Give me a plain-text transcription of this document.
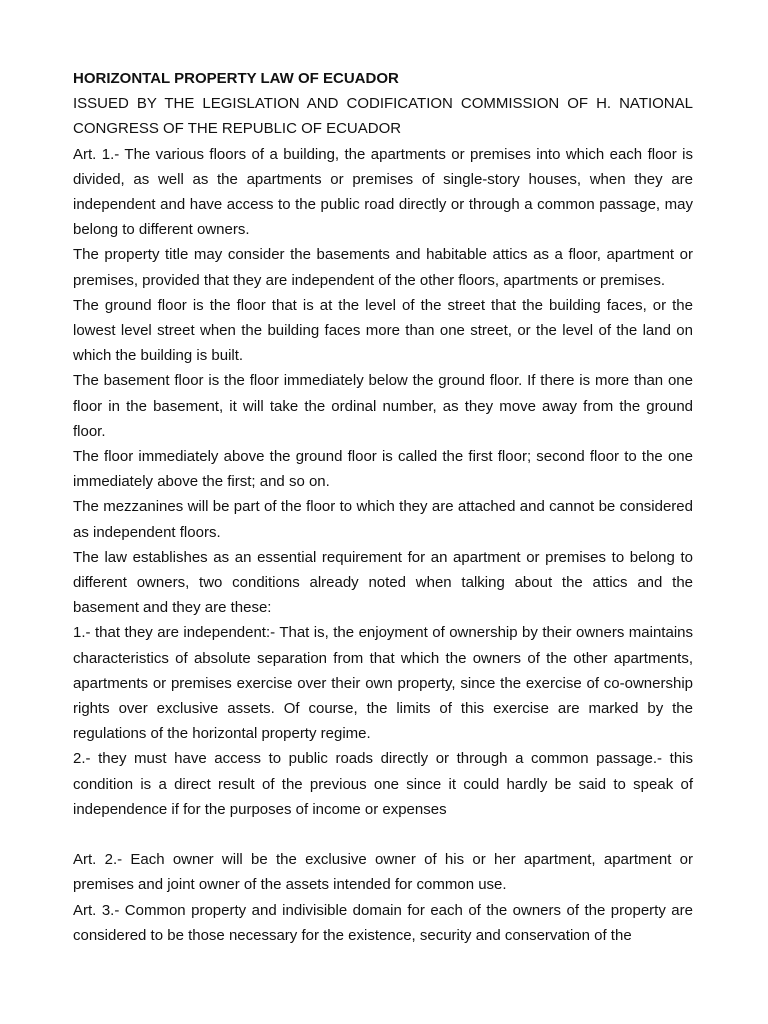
HORIZONTAL PROPERTY LAW OF ECUADOR

ISSUED BY THE LEGISLATION AND CODIFICATION COMMISSION OF H. NATIONAL CONGRESS OF THE REPUBLIC OF ECUADOR

Art. 1.- The various floors of a building, the apartments or premises into which each floor is divided, as well as the apartments or premises of single-story houses, when they are independent and have access to the public road directly or through a common passage, may belong to different owners.

The property title may consider the basements and habitable attics as a floor, apartment or premises, provided that they are independent of the other floors, apartments or premises.

The ground floor is the floor that is at the level of the street that the building faces, or the lowest level street when the building faces more than one street, or the level of the land on which the building is built.

The basement floor is the floor immediately below the ground floor. If there is more than one floor in the basement, it will take the ordinal number, as they move away from the ground floor.

The floor immediately above the ground floor is called the first floor; second floor to the one immediately above the first; and so on.

The mezzanines will be part of the floor to which they are attached and cannot be considered as independent floors.

The law establishes as an essential requirement for an apartment or premises to belong to different owners, two conditions already noted when talking about the attics and the basement and they are these:

1.- that they are independent:- That is, the enjoyment of ownership by their owners maintains characteristics of absolute separation from that which the owners of the other apartments, apartments or premises exercise over their own property, since the exercise of co-ownership rights over exclusive assets. Of course, the limits of this exercise are marked by the regulations of the horizontal property regime.

2.- they must have access to public roads directly or through a common passage.- this condition is a direct result of the previous one since it could hardly be said to speak of independence if for the purposes of income or expenses

Art. 2.- Each owner will be the exclusive owner of his or her apartment, apartment or premises and joint owner of the assets intended for common use.

Art. 3.- Common property and indivisible domain for each of the owners of the property are considered to be those necessary for the existence, security and conservation of the
